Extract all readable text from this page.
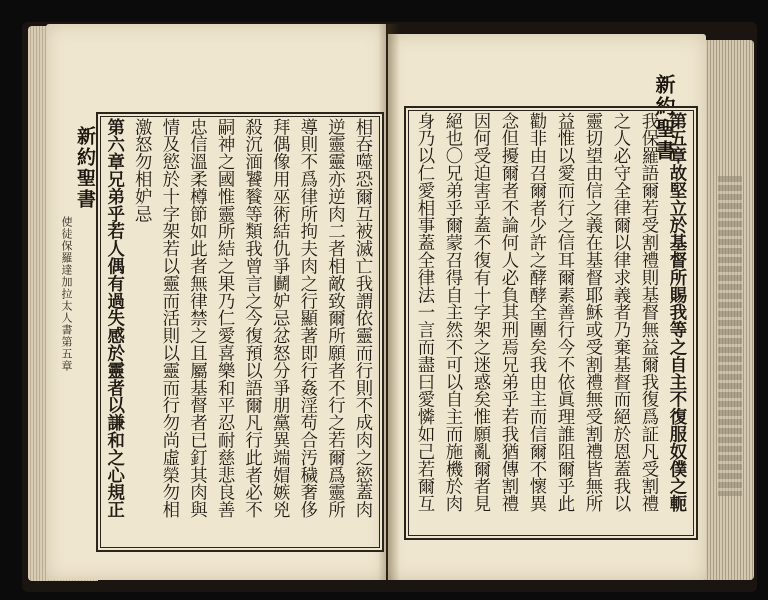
新約聖書
使徒保羅達加拉太人書第五章	相吞噬恐爾互被滅亡我謂依靈而行則不成肉之慾蓋肉
逆靈靈亦逆肉二者相敵致爾所願者不行之若爾爲靈所
導則不爲律所拘夫肉之行顯著即行姦淫苟合汚穢奢侈
拜偶像用巫術結仇爭鬬妒忌忿怒分爭朋黨異端媢嫉兇
殺沉湎饕餮等類我曾言之今復預以語爾凡行此者必不
嗣神之國惟靈所結之果乃仁愛喜樂和平忍耐慈悲良善
忠信溫柔樽節如此者無律禁之且屬基督者已釘其肉與
情及慾於十字架若以靈而活則以靈而行勿尚虛榮勿相
激怒勿相妒忌
第六章兄弟乎若人偶有過失感於靈者以謙和之心規正	新約聖書
第五章故堅立於基督所賜我等之自主不復服奴僕之軛
我保羅語爾若受割禮則基督無益爾我復爲証凡受割禮
之人必守全律爾以律求義者乃棄基督而絕於恩蓋我以
靈切望由信之義在基督耶穌或受割禮無受割禮皆無所
益惟以愛而行之信耳爾素善行今不依眞理誰阻爾乎此
勸非由召爾者少許之酵酵全團矣我由主而信爾不懷異
念但擾爾者不論何人必負其刑焉兄弟乎若我猶傳割禮
因何受迫害乎蓋不復有十字架之迷惑矣惟願亂爾者見
絕也〇兄弟乎爾蒙召得自主然不可以自主而施機於肉
身乃以仁愛相事蓋全律法一言而盡曰愛憐如己若爾互
